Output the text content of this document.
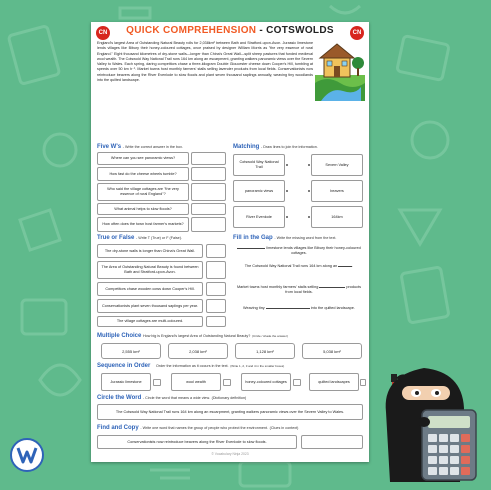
CN	CN
QUICK COMPREHENSION - COTSWOLDS
England's largest Area of Outstanding Natural Beauty rolls for 2,038km² between Bath and Stratford-upon-Avon. Jurassic limestone lends villages like Bibury their honey-coloured cottages, once praised by designer William Morris as "the very essence of rural England." Eight thousand kilometres of dry-stone walls—longer than China's Great Wall—split sheep pastures that funded medieval wool wealth. The Cotswold Way National Trail runs 164 km along an escarpment, granting walkers panoramic views over the Severn Valley to Wales. Each spring, daring competitors chase a three-kilogram Double Gloucester cheese down Cooper's Hill, tumbling at speeds over 50 km h⁻¹. Market towns host monthly farmers' stalls selling lavender products from local fields. Conservationists now reintroduce beavers along the River Evenlode to slow floods and plant seven thousand saplings annually, weaving tiny woodlands into the quilted landscape.
Five W's - Write the correct answer in the box.
Where can you see panoramic views?
How fast do the cheese wheels tumble?
Who said the village cottages are "the very essence of rural England"?
What animal helps to slow floods?
How often does the town host farmer's markets?
Matching - Draw lines to join the information.
Cotswold Way National Trail
panoramic views
River Evenlode
Severn Valley
beavers
164km
True or False - Write T (True) or F (False).
The dry-stone walls is longer than China's Great Wall.
The Area of Outstanding Natural Beauty is found between Bath and Stratford-upon-Avon.
Competitors chase wooden cows down Cooper's Hill.
Conservationists plant seven thousand saplings per year.
The village cottages are multi-coloured.
Fill in the Gap - Write the missing word from the text.
limestone lends villages like Bibury their honey-coloured cottages.
The Cotswold Way National Trail runs 164 km along an	.
Market towns host monthly farmers' stalls selling	products from local fields.
Weaving tiny	into the quilted landscape.
Multiple Choice How big is England's largest Area of Outstanding Natural Beauty? (Circle / shade the answer)
2,555 km²	2,038 km²	1,128 km²	5,038 km²
Sequence in Order Order the information as it occurs in the text. (Write 1, 2, 3 and 4 in the smaller boxes)
Jurassic limestone	wool wealth	honey-coloured cottages	quilted landscapes
Circle the Word - Circle the word that means a wide view. (Dictionary definition)
The Cotswold Way National Trail runs 164 km along an escarpment, granting walkers panoramic views over the Severn Valley to Wales.
Find and Copy - Write one word that names the group of people who protect the environment. (Clues in context)
Conservationists now reintroduce beavers along the River Evenlode to slow floods.
© Vocabulary Ninja 2023
